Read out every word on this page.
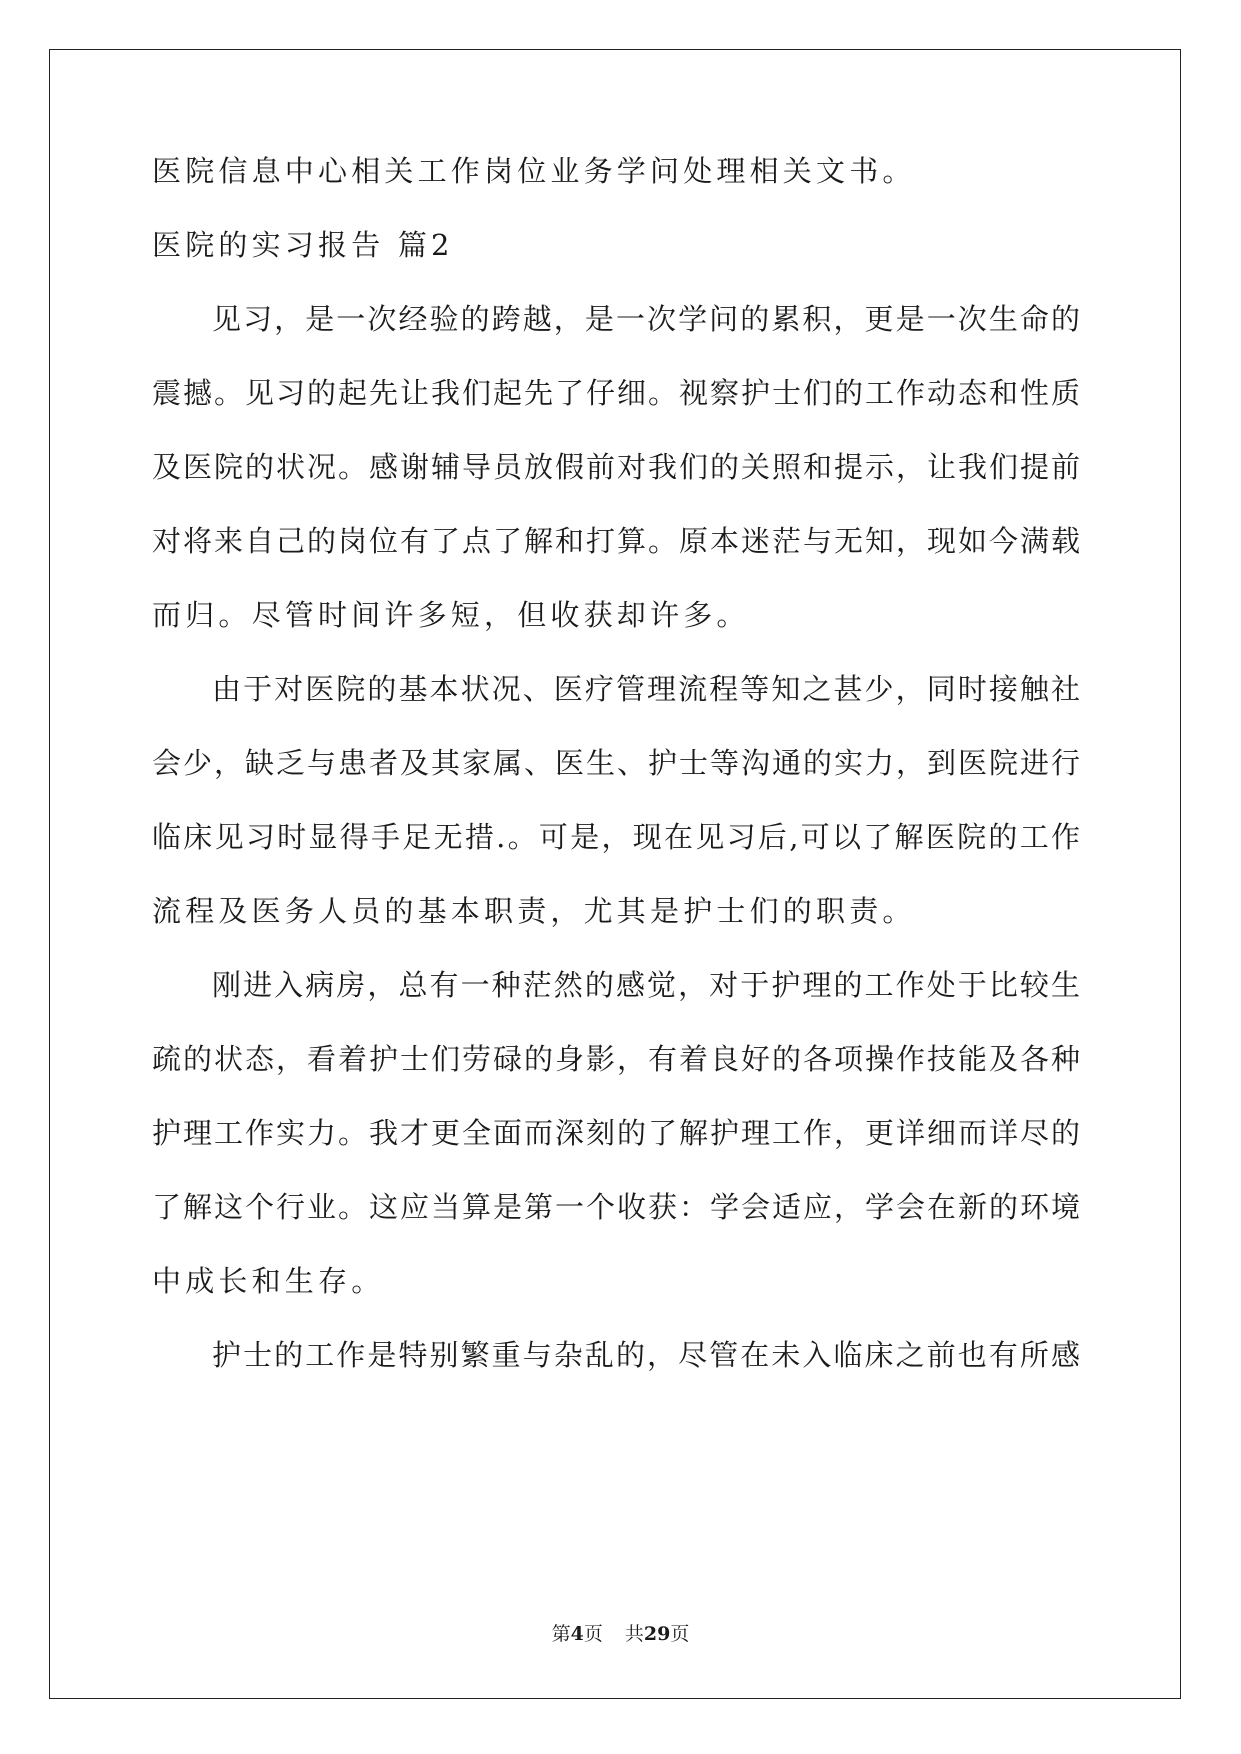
医院信息中心相关工作岗位业务学问处理相关文书。
医院的实习报告 篇2
见习，是一次经验的跨越，是一次学问的累积，更是一次生命的
震撼。见习的起先让我们起先了仔细。视察护士们的工作动态和性质
及医院的状况。感谢辅导员放假前对我们的关照和提示，让我们提前
对将来自己的岗位有了点了解和打算。原本迷茫与无知，现如今满载
而归。尽管时间许多短，但收获却许多。
由于对医院的基本状况、医疗管理流程等知之甚少，同时接触社
会少，缺乏与患者及其家属、医生、护士等沟通的实力，到医院进行
临床见习时显得手足无措.。可是，现在见习后,可以了解医院的工作
流程及医务人员的基本职责，尤其是护士们的职责。
刚进入病房，总有一种茫然的感觉，对于护理的工作处于比较生
疏的状态，看着护士们劳碌的身影，有着良好的各项操作技能及各种
护理工作实力。我才更全面而深刻的了解护理工作，更详细而详尽的
了解这个行业。这应当算是第一个收获：学会适应，学会在新的环境
中成长和生存。
护士的工作是特别繁重与杂乱的，尽管在未入临床之前也有所感
第4页 共29页
